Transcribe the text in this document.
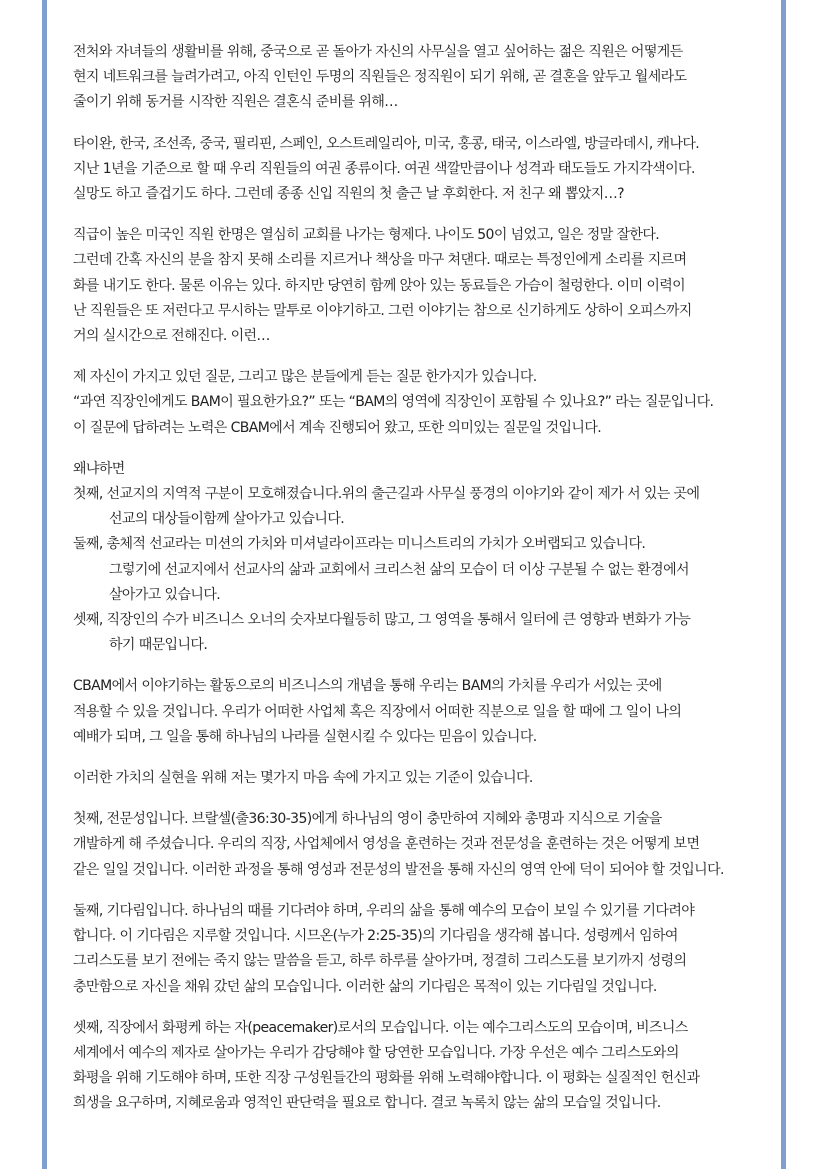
전처와 자녀들의 생활비를 위해, 중국으로 곧 돌아가 자신의 사무실을 열고 싶어하는 젊은 직원은 어떻게든
현지 네트워크를 늘려가려고, 아직 인턴인 두명의 직원들은 정직원이 되기 위해, 곧 결혼을 앞두고 월세라도
줄이기 위해 동거를 시작한 직원은 결혼식 준비를 위해…
타이완, 한국, 조선족, 중국, 필리핀, 스페인, 오스트레일리아, 미국, 홍콩, 태국, 이스라엘, 방글라데시, 캐나다.
지난 1년을 기준으로 할 때 우리 직원들의 여권 종류이다. 여권 색깔만큼이나 성격과 태도들도 가지각색이다.
실망도 하고 즐겁기도 하다. 그런데 종종 신입 직원의 첫 출근 날 후회한다. 저 친구 왜 뽑았지…?
직급이 높은 미국인 직원 한명은 열심히 교회를 나가는 형제다. 나이도 50이 넘었고, 일은 정말 잘한다.
그런데 간혹 자신의 분을 참지 못해 소리를 지르거나 책상을 마구 쳐댄다. 때로는 특정인에게 소리를 지르며
화를 내기도 한다. 물론 이유는 있다. 하지만 당연히 함께 앉아 있는 동료들은 가슴이 철렁한다. 이미 이력이
난 직원들은 또 저런다고 무시하는 말투로 이야기하고. 그런 이야기는 참으로 신기하게도 상하이 오피스까지
거의 실시간으로 전해진다. 이런…
제 자신이 가지고 있던 질문, 그리고 많은 분들에게 듣는 질문 한가지가 있습니다.
“과연 직장인에게도 BAM이 필요한가요?” 또는 “BAM의 영역에 직장인이 포함될 수 있나요?” 라는 질문입니다.
이 질문에 답하려는 노력은 CBAM에서 계속 진행되어 왔고, 또한 의미있는 질문일 것입니다.
왜냐하면
첫째, 선교지의 지역적 구분이 모호해졌습니다.위의 출근길과 사무실 풍경의 이야기와 같이 제가 서 있는 곳에
선교의 대상들이함께 살아가고 있습니다.
둘째, 총체적 선교라는 미션의 가치와 미셔널라이프라는 미니스트리의 가치가 오버랩되고 있습니다.
그렇기에 선교지에서 선교사의 삶과 교회에서 크리스천 삶의 모습이 더 이상 구분될 수 없는 환경에서
살아가고 있습니다.
셋째, 직장인의 수가 비즈니스 오너의 숫자보다월등히 많고, 그 영역을 통해서 일터에 큰 영향과 변화가 가능
하기 때문입니다.
CBAM에서 이야기하는 활동으로의 비즈니스의 개념을 통해 우리는 BAM의 가치를 우리가 서있는 곳에
적용할 수 있을 것입니다. 우리가 어떠한 사업체 혹은 직장에서 어떠한 직분으로 일을 할 때에 그 일이 나의
예배가 되며, 그 일을 통해 하나님의 나라를 실현시킬 수 있다는 믿음이 있습니다.
이러한 가치의 실현을 위해 저는 몇가지 마음 속에 가지고 있는 기준이 있습니다.
첫째, 전문성입니다. 브랄셀(출36:30-35)에게 하나님의 영이 충만하여 지혜와 총명과 지식으로 기술을
개발하게 해 주셨습니다. 우리의 직장, 사업체에서 영성을 훈련하는 것과 전문성을 훈련하는 것은 어떻게 보면
같은 일일 것입니다. 이러한 과정을 통해 영성과 전문성의 발전을 통해 자신의 영역 안에 덕이 되어야 할 것입니다.
둘째, 기다림입니다. 하나님의 때를 기다려야 하며, 우리의 삶을 통해 예수의 모습이 보일 수 있기를 기다려야
합니다. 이 기다림은 지루할 것입니다. 시므온(누가 2:25-35)의 기다림을 생각해 봅니다. 성령께서 임하여
그리스도를 보기 전에는 죽지 않는 말씀을 듣고, 하루 하루를 살아가며, 정결히 그리스도를 보기까지 성령의
충만함으로 자신을 채워 갔던 삶의 모습입니다. 이러한 삶의 기다림은 목적이 있는 기다림일 것입니다.
셋째, 직장에서 화평케 하는 자(peacemaker)로서의 모습입니다. 이는 예수그리스도의 모습이며, 비즈니스
세계에서 예수의 제자로 살아가는 우리가 감당해야 할 당연한 모습입니다. 가장 우선은 예수 그리스도와의
화평을 위해 기도해야 하며, 또한 직장 구성원들간의 평화를 위해 노력해야합니다. 이 평화는 실질적인 헌신과
희생을 요구하며, 지혜로움과 영적인 판단력을 필요로 합니다. 결코 녹록치 않는 삶의 모습일 것입니다.
